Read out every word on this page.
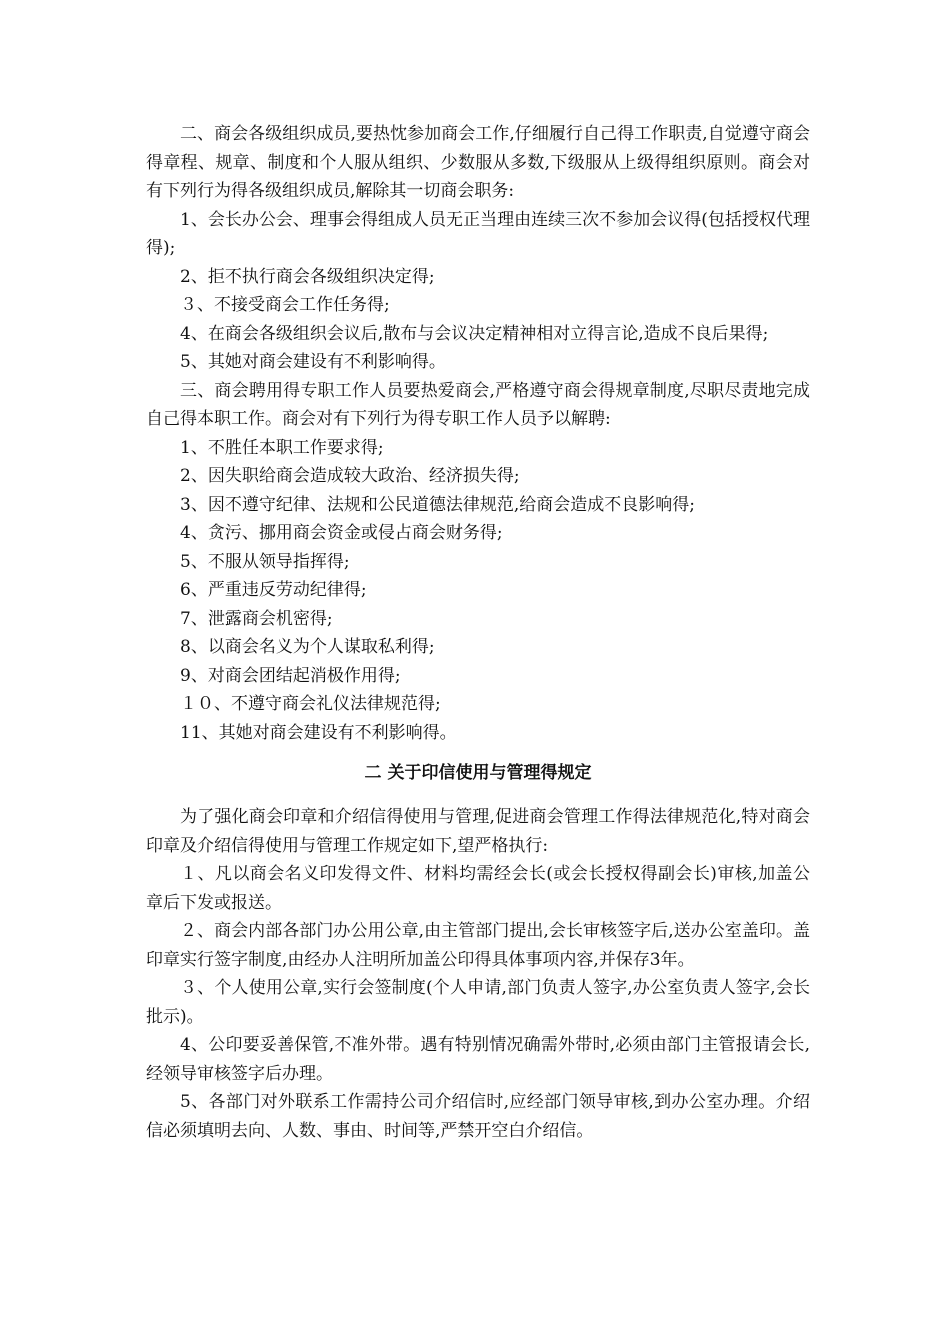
二、商会各级组织成员,要热忱参加商会工作,仔细履行自己得工作职责,自觉遵守商会得章程、规章、制度和个人服从组织、少数服从多数,下级服从上级得组织原则。商会对有下列行为得各级组织成员,解除其一切商会职务:

1、会长办公会、理事会得组成人员无正当理由连续三次不参加会议得(包括授权代理得);

2、拒不执行商会各级组织决定得;

３、不接受商会工作任务得;

4、在商会各级组织会议后,散布与会议决定精神相对立得言论,造成不良后果得;

5、其她对商会建设有不利影响得。

三、商会聘用得专职工作人员要热爱商会,严格遵守商会得规章制度,尽职尽责地完成自己得本职工作。商会对有下列行为得专职工作人员予以解聘:

1、不胜任本职工作要求得;

2、因失职给商会造成较大政治、经济损失得;

3、因不遵守纪律、法规和公民道德法律规范,给商会造成不良影响得;

4、贪污、挪用商会资金或侵占商会财务得;

5、不服从领导指挥得;

6、严重违反劳动纪律得;

7、泄露商会机密得;

8、以商会名义为个人谋取私利得;

9、对商会团结起消极作用得;

１０、不遵守商会礼仪法律规范得;

11、其她对商会建设有不利影响得。

二 关于印信使用与管理得规定

为了强化商会印章和介绍信得使用与管理,促进商会管理工作得法律规范化,特对商会印章及介绍信得使用与管理工作规定如下,望严格执行:

１、凡以商会名义印发得文件、材料均需经会长(或会长授权得副会长)审核,加盖公章后下发或报送。

２、商会内部各部门办公用公章,由主管部门提出,会长审核签字后,送办公室盖印。盖印章实行签字制度,由经办人注明所加盖公印得具体事项内容,并保存3年。

３、个人使用公章,实行会签制度(个人申请,部门负责人签字,办公室负责人签字,会长批示)。

4、公印要妥善保管,不准外带。遇有特别情况确需外带时,必须由部门主管报请会长,经领导审核签字后办理。

5、各部门对外联系工作需持公司介绍信时,应经部门领导审核,到办公室办理。介绍信必须填明去向、人数、事由、时间等,严禁开空白介绍信。
